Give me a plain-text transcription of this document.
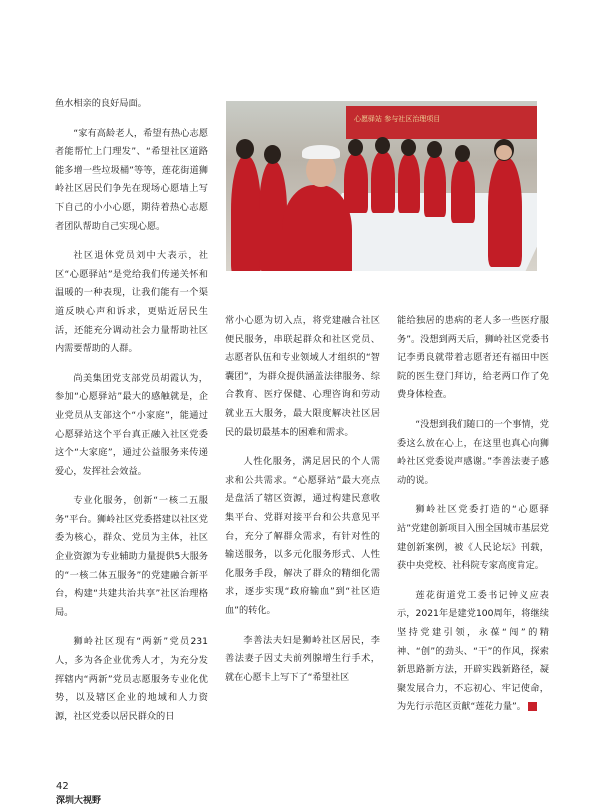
鱼水相亲的良好局面。

“家有高龄老人，希望有热心志愿者能帮忙上门理发”、“希望社区道路能多增一些垃圾桶”等等，莲花街道狮岭社区居民们争先在现场心愿墙上写下自己的小小心愿，期待着热心志愿者团队帮助自己实现心愿。

社区退休党员刘中大表示，社区“心愿驿站”是党给我们传递关怀和温暖的一种表现，让我们能有一个渠道反映心声和诉求，更贴近居民生活，还能充分调动社会力量帮助社区内需要帮助的人群。

尚美集团党支部党员胡霞认为，参加“心愿驿站”最大的感触就是，企业党员从支部这个“小家庭”，能通过心愿驿站这个平台真正融入社区党委这个“大家庭”，通过公益服务来传递爱心，发挥社会效益。

专业化服务，创新“一核二五服务”平台。狮岭社区党委搭建以社区党委为核心，群众、党员为主体，社区企业资源为专业辅助力量提供5大服务的“一核二体五服务”的党建融合新平台，构建“共建共治共享”社区治理格局。

狮岭社区现有“两新”党员231人，多为各企业优秀人才，为充分发挥辖内“两新”党员志愿服务专业化优势，以及辖区企业的地域和人力资源，社区党委以居民群众的日

心愿驿站 参与社区治理项目

常小心愿为切入点，将党建融合社区便民服务，串联起群众和社区党员、志愿者队伍和专业领域人才组织的“智囊团”，为群众提供涵盖法律服务、综合教育、医疗保健、心理咨询和劳动就业五大服务，最大限度解决社区居民的最切最基本的困难和需求。

人性化服务，满足居民的个人需求和公共需求。“心愿驿站”最大亮点是盘活了辖区资源，通过构建民意收集平台、党群对接平台和公共意见平台，充分了解群众需求，有针对性的输送服务，以多元化服务形式、人性化服务手段，解决了群众的精细化需求，逐步实现“政府输血”到“社区造血”的转化。

李善法夫妇是狮岭社区居民，李善法妻子因丈夫前列腺增生行手术，就在心愿卡上写下了“希望社区

能给独居的患病的老人多一些医疗服务”。没想到两天后，狮岭社区党委书记李勇良就带着志愿者还有福田中医院的医生登门拜访，给老两口作了免费身体检查。

“没想到我们随口的一个事情，党委这么放在心上，在这里也真心向狮岭社区党委说声感谢。”李善法妻子感动的说。

狮岭社区党委打造的“心愿驿站”党建创新项目入围全国城市基层党建创新案例，被《人民论坛》刊载，获中央党校、社科院专家高度肯定。

莲花街道党工委书记钟义应表示，2021年是建党100周年，将继续坚持党建引领，永葆“闯”的精神、“创”的劲头、“干”的作风，探索新思路新方法，开辟实践新路径，凝聚发展合力，不忘初心、牢记使命，为先行示范区贡献“莲花力量”。	N

42
深圳大视野
